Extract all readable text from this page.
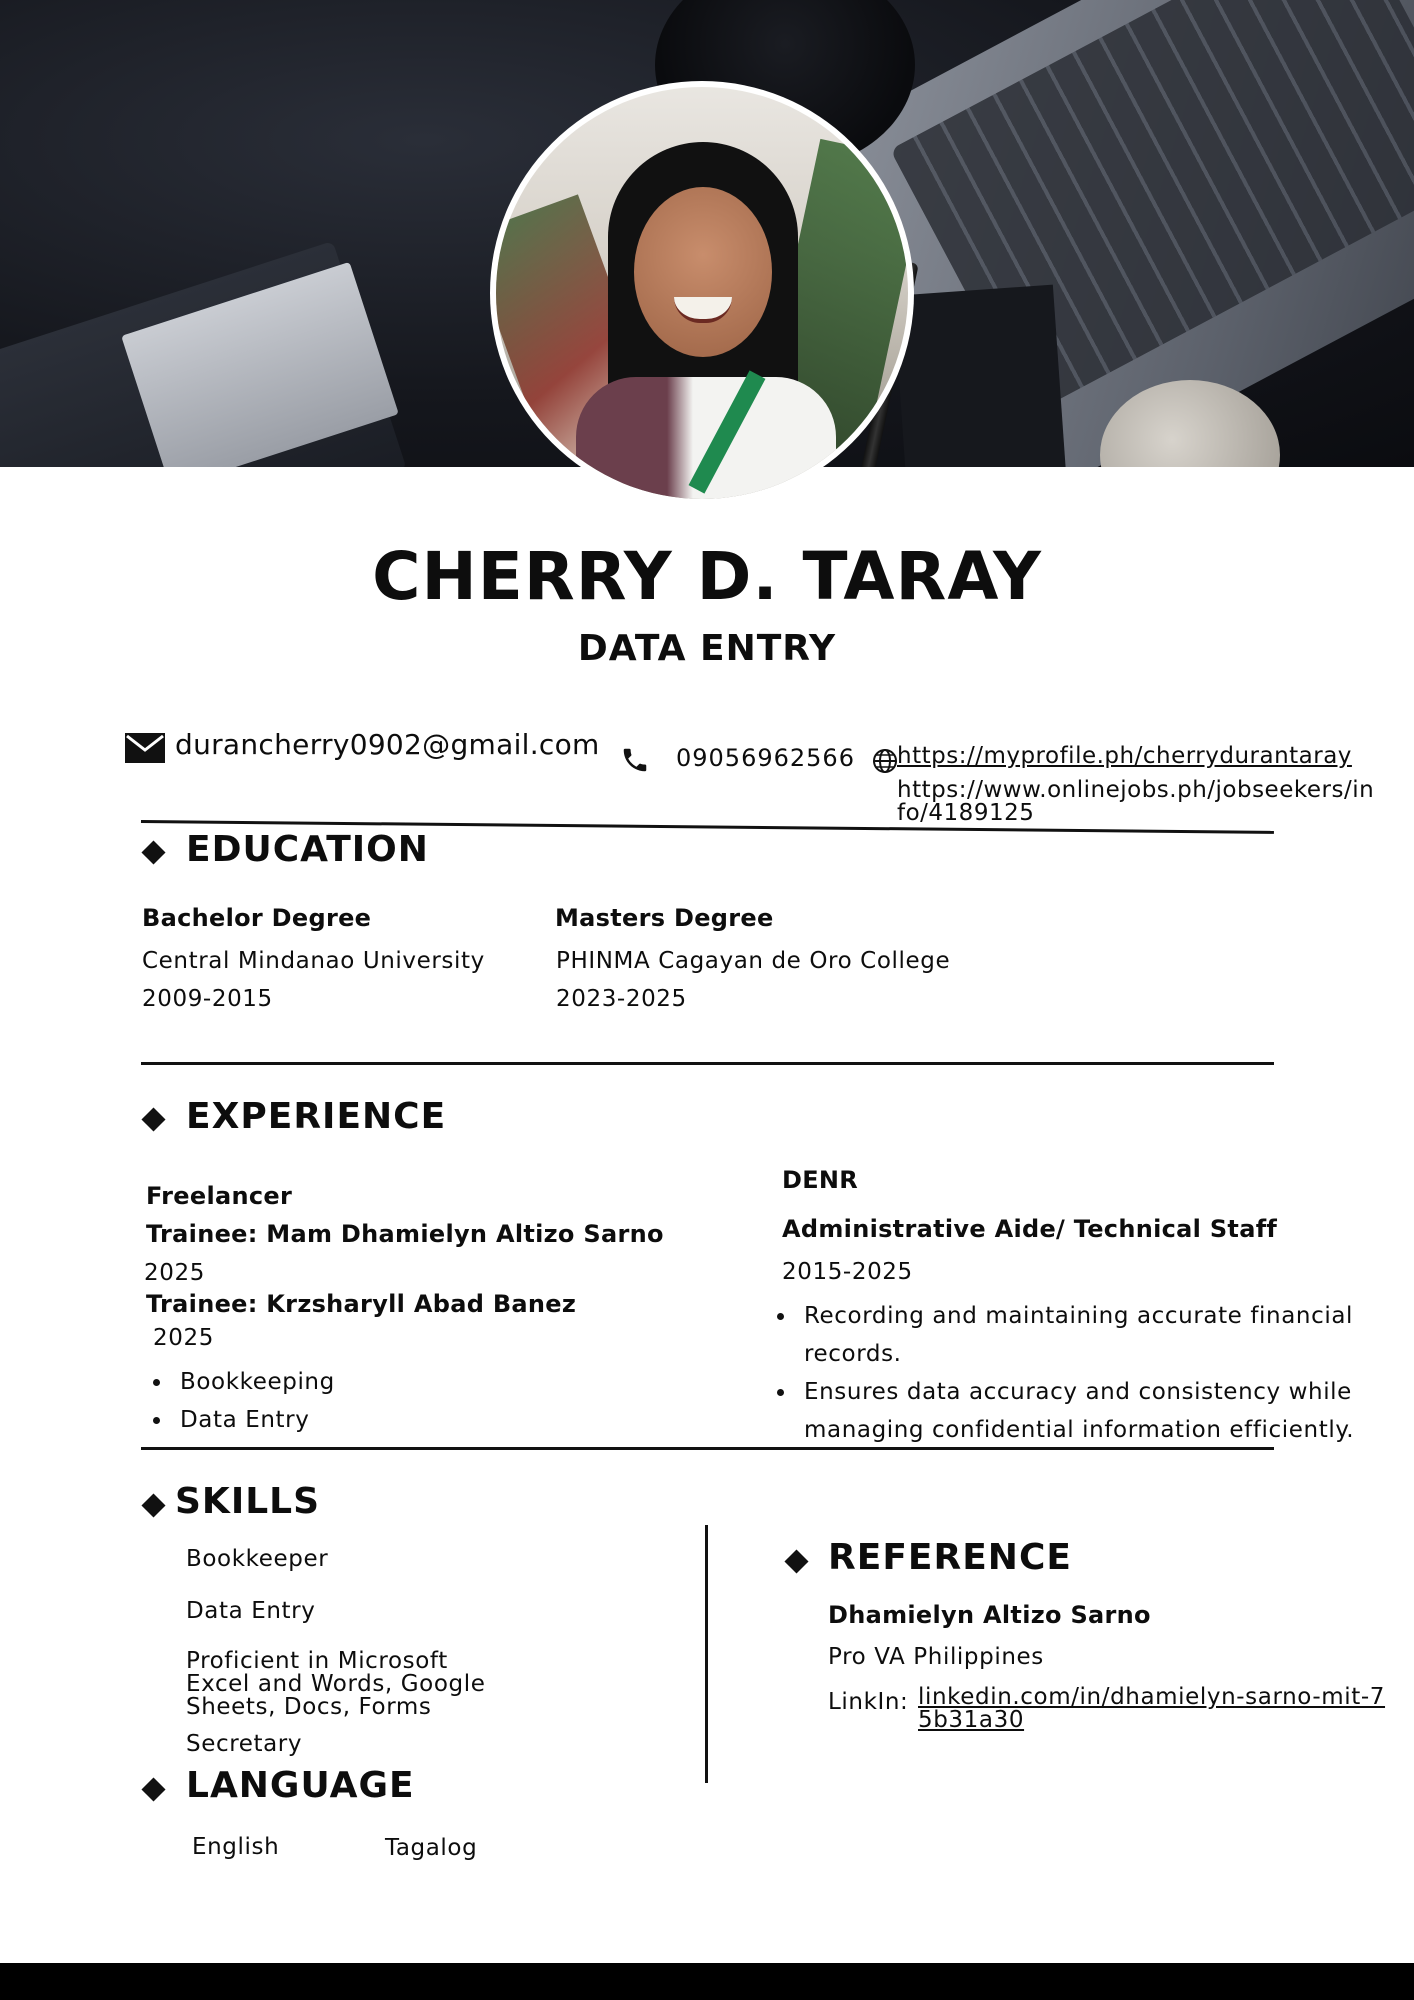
CHERRY D. TARAY
DATA ENTRY
durancherry0902@gmail.com	09056962566 https://myprofile.ph/cherrydurantaray
https://www.onlinejobs.ph/jobseekers/info/4189125
EDUCATION
Bachelor Degree
Central Mindanao University
2009-2015
Masters Degree
PHINMA Cagayan de Oro College
2023-2025
EXPERIENCE
Freelancer
Trainee: Mam Dhamielyn Altizo Sarno
2025
Trainee: Krzsharyll Abad Banez
2025
Bookkeeping
Data Entry
DENR
Administrative Aide/ Technical Staff
2015-2025
Recording and maintaining accurate financial records.
Ensures data accuracy and consistency while managing confidential information efficiently.
SKILLS
Bookkeeper
Data Entry
Proficient in Microsoft Excel and Words, Google Sheets, Docs, Forms
Secretary
LANGUAGE
English	Tagalog
REFERENCE
Dhamielyn Altizo Sarno
Pro VA Philippines
LinkIn: linkedin.com/in/dhamielyn-sarno-mit-75b31a30
